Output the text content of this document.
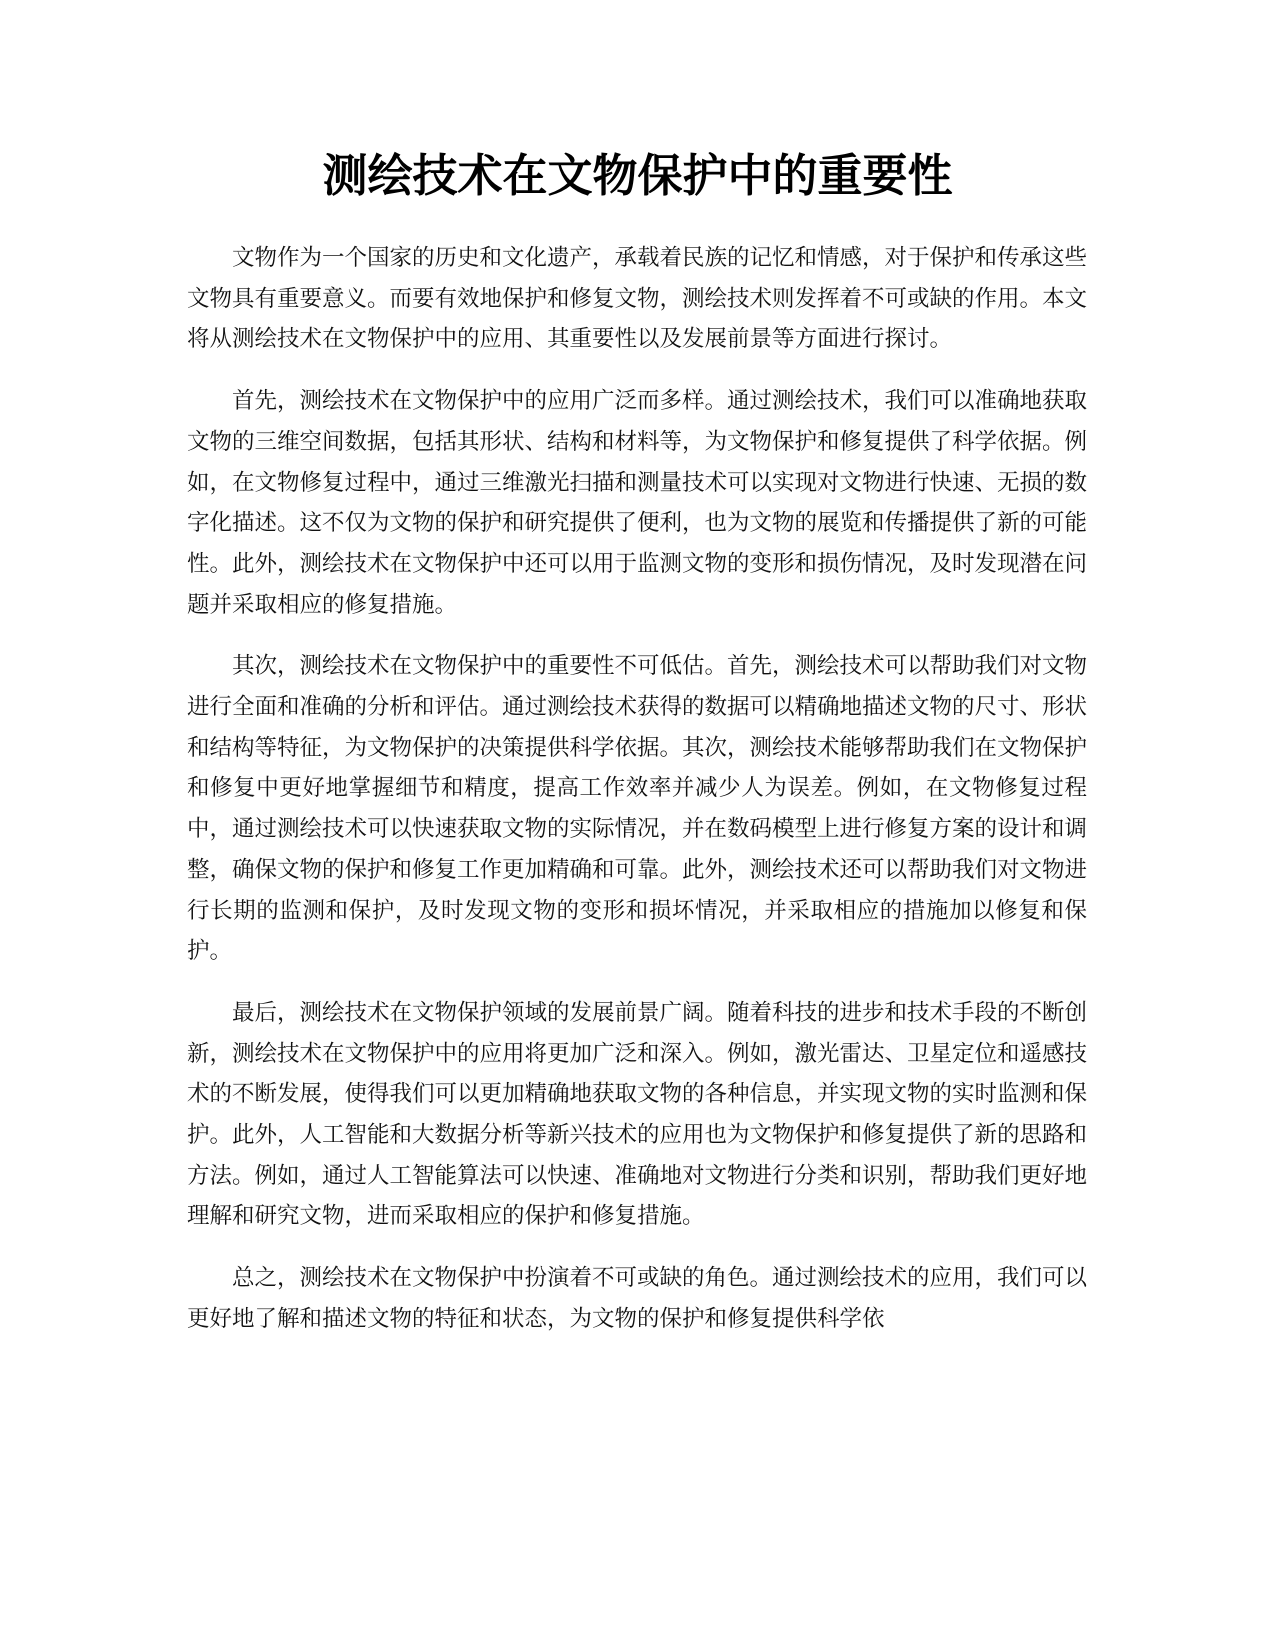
测绘技术在文物保护中的重要性

文物作为一个国家的历史和文化遗产，承载着民族的记忆和情感，对于保护和传承这些文物具有重要意义。而要有效地保护和修复文物，测绘技术则发挥着不可或缺的作用。本文将从测绘技术在文物保护中的应用、其重要性以及发展前景等方面进行探讨。

首先，测绘技术在文物保护中的应用广泛而多样。通过测绘技术，我们可以准确地获取文物的三维空间数据，包括其形状、结构和材料等，为文物保护和修复提供了科学依据。例如，在文物修复过程中，通过三维激光扫描和测量技术可以实现对文物进行快速、无损的数字化描述。这不仅为文物的保护和研究提供了便利，也为文物的展览和传播提供了新的可能性。此外，测绘技术在文物保护中还可以用于监测文物的变形和损伤情况，及时发现潜在问题并采取相应的修复措施。

其次，测绘技术在文物保护中的重要性不可低估。首先，测绘技术可以帮助我们对文物进行全面和准确的分析和评估。通过测绘技术获得的数据可以精确地描述文物的尺寸、形状和结构等特征，为文物保护的决策提供科学依据。其次，测绘技术能够帮助我们在文物保护和修复中更好地掌握细节和精度，提高工作效率并减少人为误差。例如，在文物修复过程中，通过测绘技术可以快速获取文物的实际情况，并在数码模型上进行修复方案的设计和调整，确保文物的保护和修复工作更加精确和可靠。此外，测绘技术还可以帮助我们对文物进行长期的监测和保护，及时发现文物的变形和损坏情况，并采取相应的措施加以修复和保护。

最后，测绘技术在文物保护领域的发展前景广阔。随着科技的进步和技术手段的不断创新，测绘技术在文物保护中的应用将更加广泛和深入。例如，激光雷达、卫星定位和遥感技术的不断发展，使得我们可以更加精确地获取文物的各种信息，并实现文物的实时监测和保护。此外，人工智能和大数据分析等新兴技术的应用也为文物保护和修复提供了新的思路和方法。例如，通过人工智能算法可以快速、准确地对文物进行分类和识别，帮助我们更好地理解和研究文物，进而采取相应的保护和修复措施。

总之，测绘技术在文物保护中扮演着不可或缺的角色。通过测绘技术的应用，我们可以更好地了解和描述文物的特征和状态，为文物的保护和修复提供科学依
